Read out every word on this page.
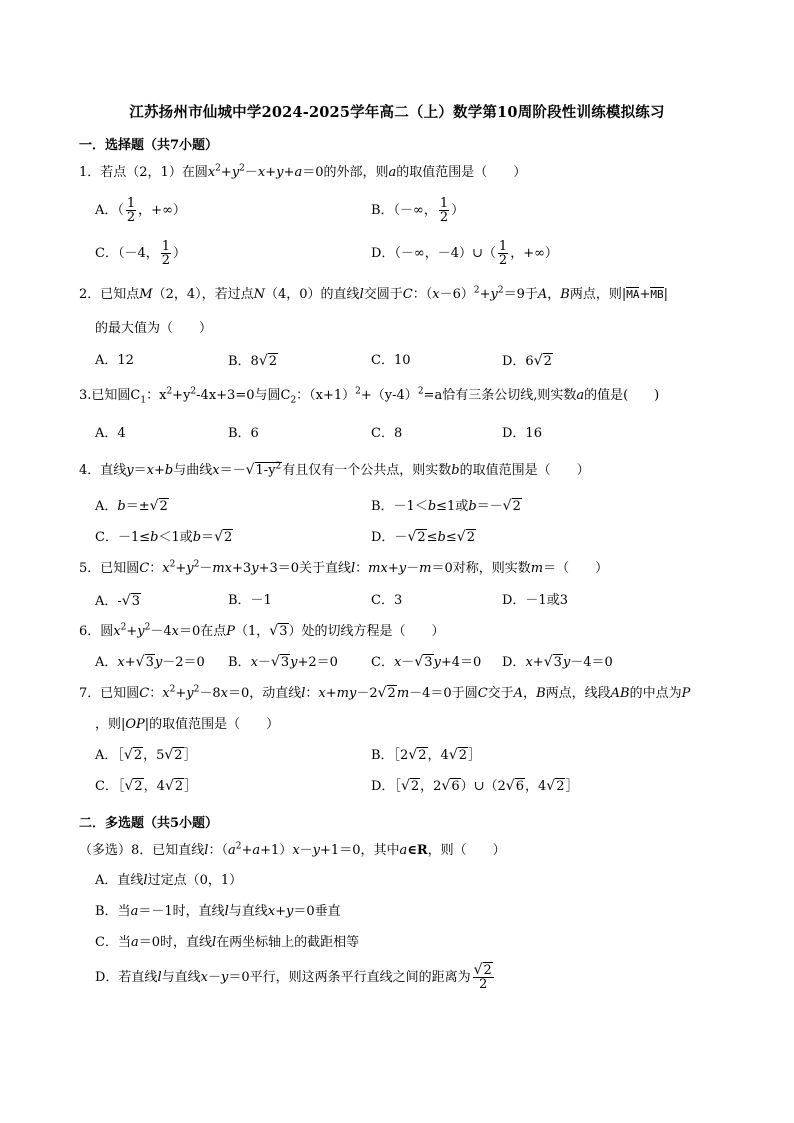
江苏扬州市仙城中学2024-2025学年高二（上）数学第10周阶段性训练模拟练习
一．选择题（共7小题）
1．若点（2，1）在圆$x^2+y^2-x+y+a=0$的外部，则a的取值范围是（　　）
A．（ $\frac{1}{2}$ ，+∞）	B．（－∞， $\frac{1}{2}$ ）
C．（－4， $\frac{1}{2}$ ）	D．（－∞，－4）∪（ $\frac{1}{2}$ ，+∞）
2．已知点M（2，4），若过点N（4，0）的直线l交圆于C：$(x-6)^2+y^2=9$于A，B两点，则|MA+MB|
的最大值为（　　）
A．12	B．8√2	C．10	D．6√2
3.已知圆$C_1$：$x^2+y^2-4x+3=0$与圆$C_2$：$(x+1)^2+(y-4)^2=a$恰有三条公切线,则实数a的值是(　　)
A．4	B．6	C．8	D．16
4．直线y＝x+b与曲线$x=-√1-y^2$有且仅有一个公共点，则实数b的取值范围是（　　）
A．b＝±√2	B．－1＜b≤1或b＝－√2
C．－1≤b＜1或b＝√2	D．－√2≤b≤√2
5．已知圆C：$x^2+y^2-mx+3y+3=0$关于直线l：mx+y－m＝0对称，则实数m＝（　　）
A．-√3	B．－1	C．3	D．－1或3
6．圆$x^2+y^2-4x=0$在点P（1，√3）处的切线方程是（　　）
A．x+√3y－2＝0 B．x－√3y+2＝0	C．x－√3y+4＝0 D．x+√3y－4＝0
7．已知圆C：$x^2+y^2-8x=0$，动直线l：x+my－2√2m－4＝0于圆C交于A，B两点，线段AB的中点为P
，则|OP|的取值范围是（　　）
A．［√2，5√2］	B．［2√2，4√2］
C．［√2，4√2］	D．［√2，2√6）∪（2√6，4√2］
二．多选题（共5小题）
（多选）8．已知直线l：$(a^2+a+1)x-y+1=0$，其中a∈R，则（　　）
A．直线l过定点（0，1）
B．当a＝－1时，直线l与直线x+y＝0垂直
C．当a＝0时，直线l在两坐标轴上的截距相等
D．若直线l与直线x－y＝0平行，则这两条平行直线之间的距离为 $\frac{√2}{2}$
